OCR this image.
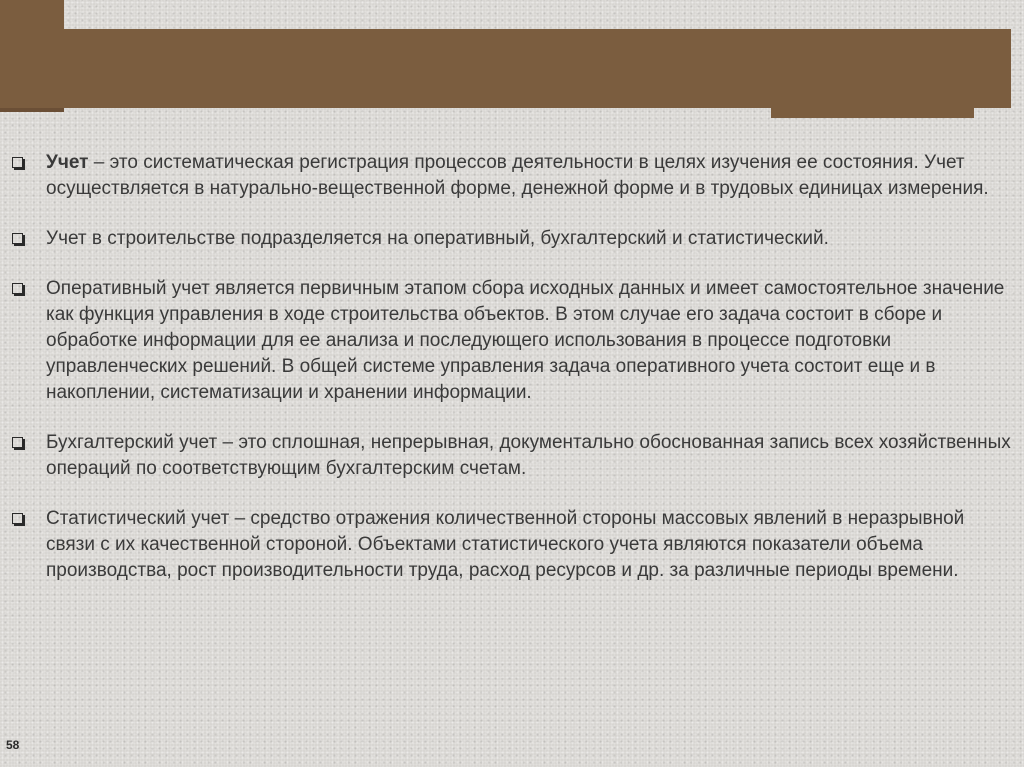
Учет – это систематическая регистрация процессов деятельности в целях изучения ее состояния. Учет осуществляется в натурально-вещественной форме, денежной форме и в трудовых единицах измерения.
Учет в строительстве подразделяется на оперативный, бухгалтерский и статистический.
Оперативный учет является первичным этапом сбора исходных данных и имеет самостоятельное значение как функция управления в ходе строительства объектов. В этом случае его задача состоит в сборе и обработке информации для ее анализа и последующего использования в процессе подготовки управленческих решений. В общей системе управления задача оперативного учета состоит еще и в накоплении, систематизации и хранении информации.
Бухгалтерский учет – это сплошная, непрерывная, документально обоснованная запись всех хозяйственных операций по соответствующим бухгалтерским счетам.
Статистический учет – средство отражения количественной стороны массовых явлений в неразрывной связи с их качественной стороной. Объектами статистического учета являются показатели объема производства, рост производительности труда, расход ресурсов и др. за различные периоды времени.
58
